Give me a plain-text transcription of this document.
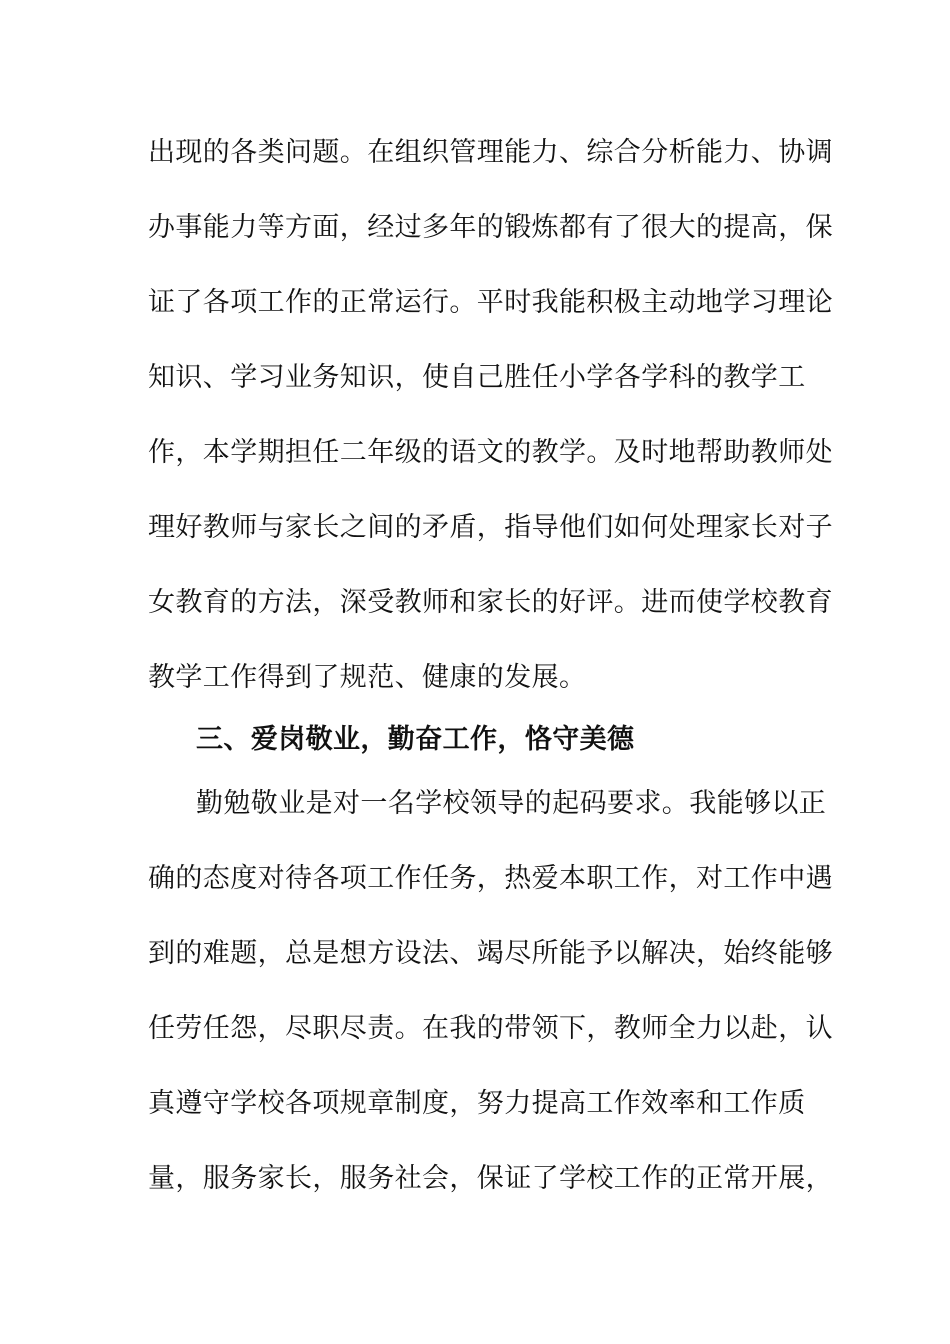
出现的各类问题。在组织管理能力、综合分析能力、协调
办事能力等方面，经过多年的锻炼都有了很大的提高，保
证了各项工作的正常运行。平时我能积极主动地学习理论
知识、学习业务知识，使自己胜任小学各学科的教学工
作，本学期担任二年级的语文的教学。及时地帮助教师处
理好教师与家长之间的矛盾，指导他们如何处理家长对子
女教育的方法，深受教师和家长的好评。进而使学校教育
教学工作得到了规范、健康的发展。
三、爱岗敬业，勤奋工作，恪守美德
勤勉敬业是对一名学校领导的起码要求。我能够以正
确的态度对待各项工作任务，热爱本职工作，对工作中遇
到的难题，总是想方设法、竭尽所能予以解决，始终能够
任劳任怨，尽职尽责。在我的带领下，教师全力以赴，认
真遵守学校各项规章制度，努力提高工作效率和工作质
量，服务家长，服务社会，保证了学校工作的正常开展，
